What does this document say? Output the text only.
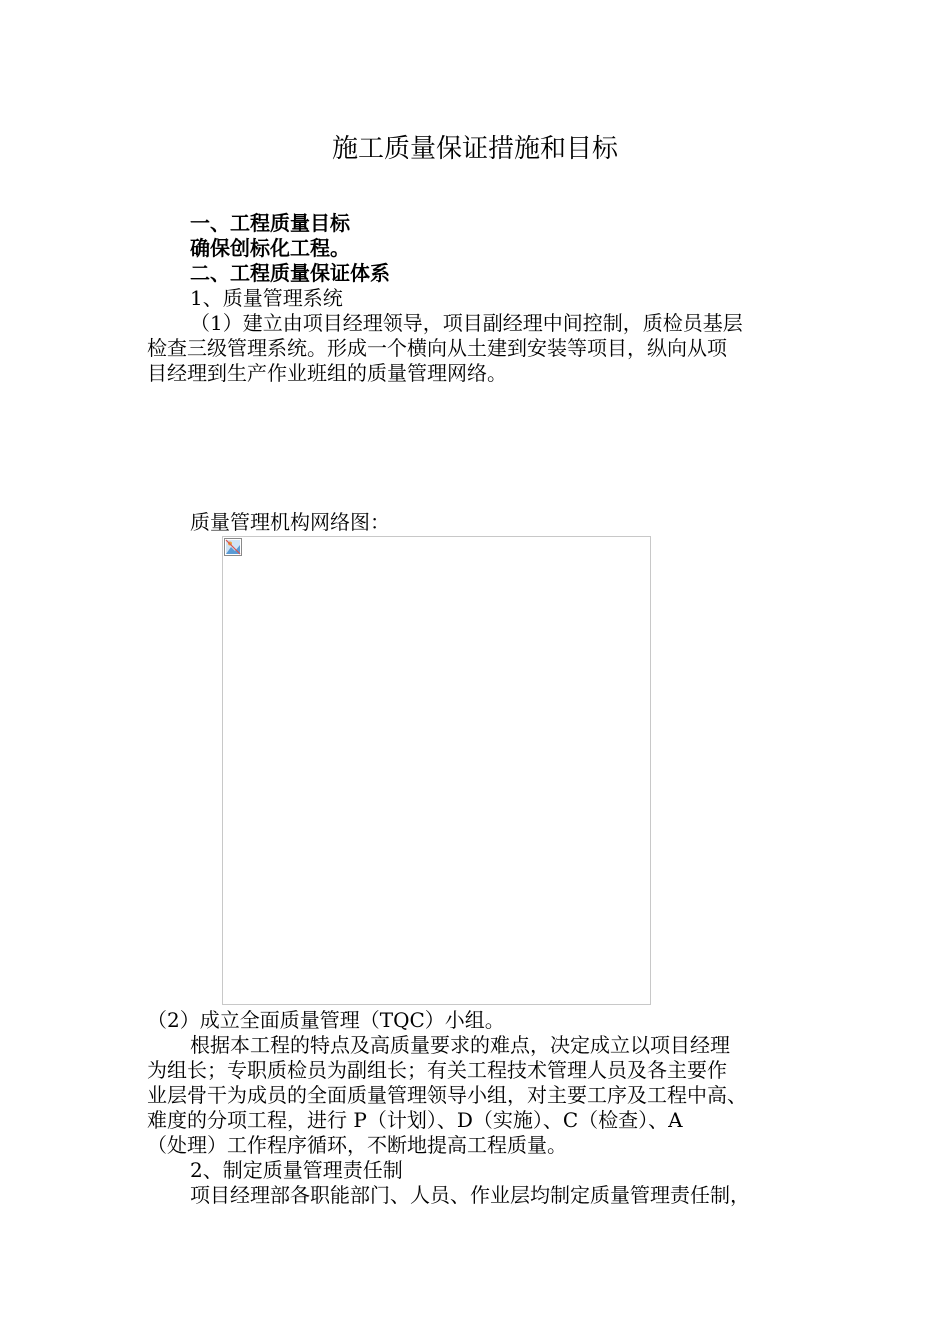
施工质量保证措施和目标

一、工程质量目标

确保创标化工程。

二、工程质量保证体系

1、质量管理系统

（1）建立由项目经理领导，项目副经理中间控制，质检员基层
检查三级管理系统。形成一个横向从土建到安装等项目，纵向从项
目经理到生产作业班组的质量管理网络。

质量管理机构网络图：

（2）成立全面质量管理（TQC）小组。

根据本工程的特点及高质量要求的难点，决定成立以项目经理
为组长；专职质检员为副组长；有关工程技术管理人员及各主要作
业层骨干为成员的全面质量管理领导小组，对主要工序及工程中高、
难度的分项工程，进行 P（计划）、D（实施）、C（检查）、A
（处理）工作程序循环，不断地提高工程质量。

2、制定质量管理责任制

项目经理部各职能部门、人员、作业层均制定质量管理责任制，
